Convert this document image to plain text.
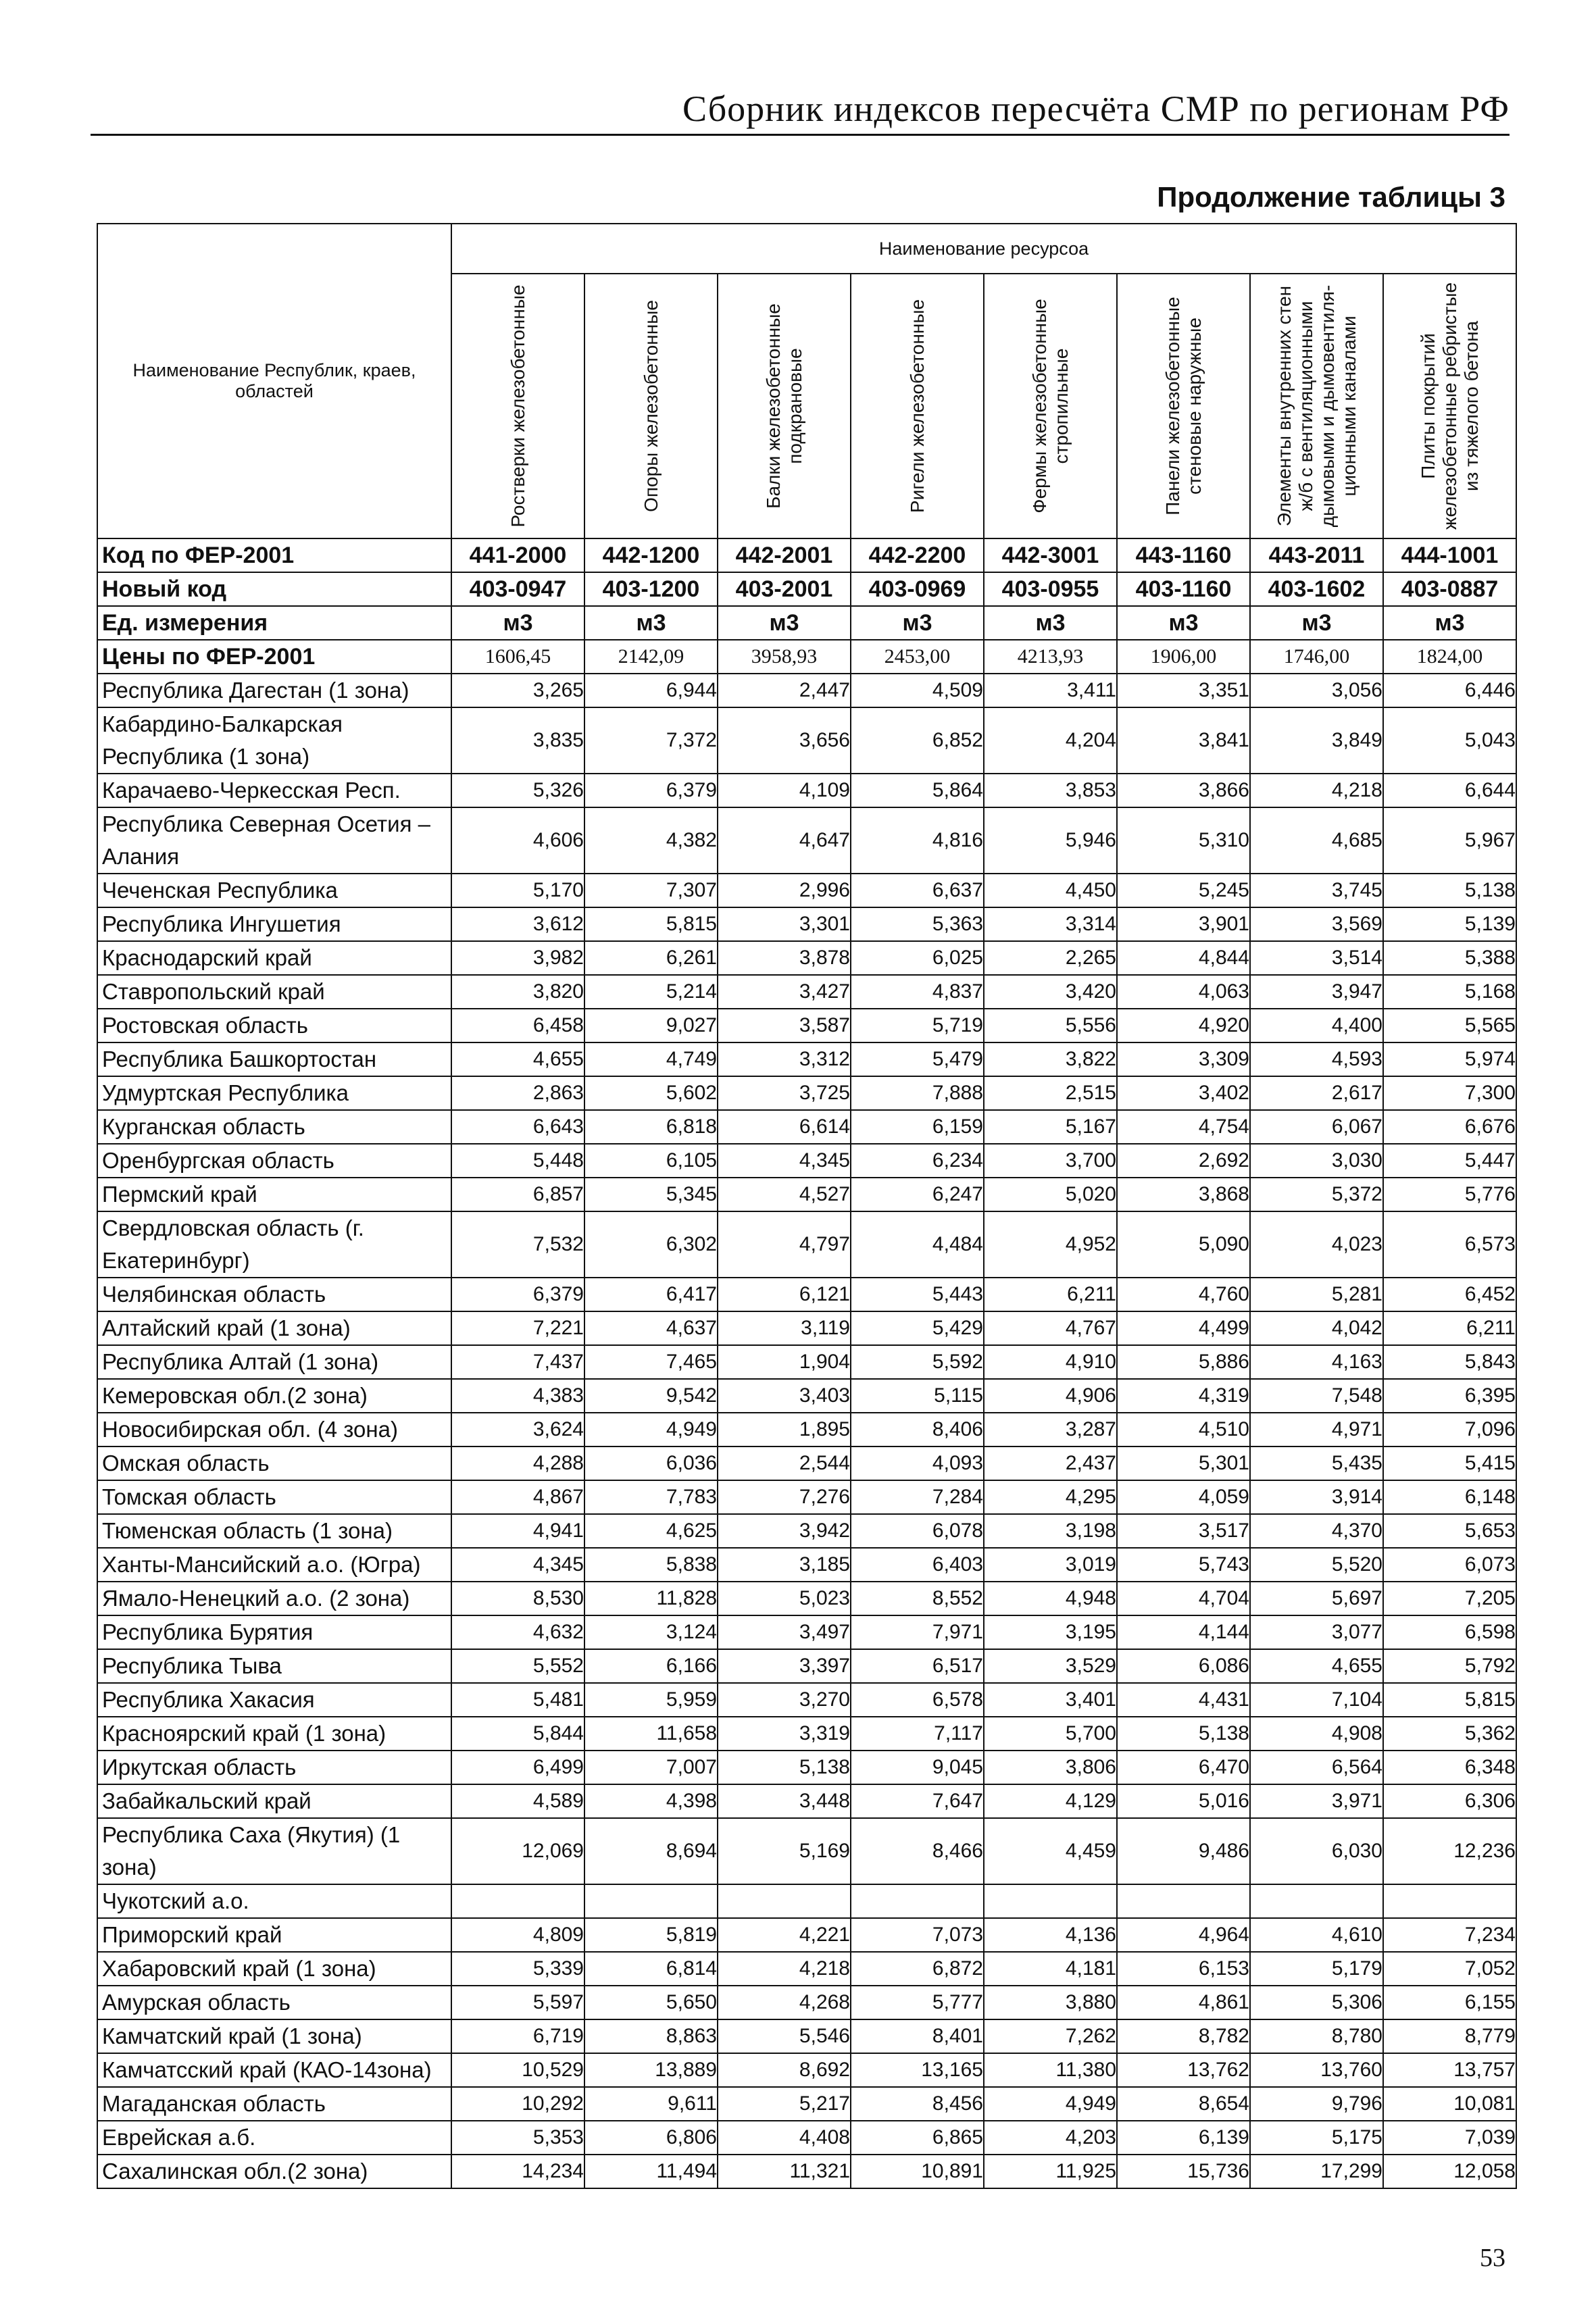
Сборник индексов пересчёта СМР по регионам РФ
Продолжение таблицы 3
Наименование Республик, краев, областей	Наименование ресурсоа							

	Ростверки железобетонные	Опоры железобетонные	Балки железобетонные подкрановые	Ригели железобетонные	Фермы железобетонные стропильные	Панели железобетонные стеновые наружные	Элементы внутренних стен ж/б с вентиляционными дымовыми и дымовентиля-ционными каналами	Плиты покрытий железобетонные ребристые из тяжелого бетона

Код по ФЕР-2001	441-2000	442-1200	442-2001	442-2200	442-3001	443-1160	443-2011	444-1001
Новый код	403-0947	403-1200	403-2001	403-0969	403-0955	403-1160	403-1602	403-0887
Ед. измерения	м3	м3	м3	м3	м3	м3	м3	м3
Цены по ФЕР-2001	1606,45	2142,09	3958,93	2453,00	4213,93	1906,00	1746,00	1824,00
Республика Дагестан (1 зона)	3,265	6,944	2,447	4,509	3,411	3,351	3,056	6,446
Кабардино-Балкарская Республика (1 зона)	3,835	7,372	3,656	6,852	4,204	3,841	3,849	5,043
Карачаево-Черкесская Респ.	5,326	6,379	4,109	5,864	3,853	3,866	4,218	6,644
Республика Северная Осетия – Алания	4,606	4,382	4,647	4,816	5,946	5,310	4,685	5,967
Чеченская Республика	5,170	7,307	2,996	6,637	4,450	5,245	3,745	5,138
Республика Ингушетия	3,612	5,815	3,301	5,363	3,314	3,901	3,569	5,139
Краснодарский край	3,982	6,261	3,878	6,025	2,265	4,844	3,514	5,388
Ставропольский край	3,820	5,214	3,427	4,837	3,420	4,063	3,947	5,168
Ростовская область	6,458	9,027	3,587	5,719	5,556	4,920	4,400	5,565
Республика Башкортостан	4,655	4,749	3,312	5,479	3,822	3,309	4,593	5,974
Удмуртская Республика	2,863	5,602	3,725	7,888	2,515	3,402	2,617	7,300
Курганская область	6,643	6,818	6,614	6,159	5,167	4,754	6,067	6,676
Оренбургская область	5,448	6,105	4,345	6,234	3,700	2,692	3,030	5,447
Пермский край	6,857	5,345	4,527	6,247	5,020	3,868	5,372	5,776
Свердловская область (г. Екатеринбург)	7,532	6,302	4,797	4,484	4,952	5,090	4,023	6,573
Челябинская область	6,379	6,417	6,121	5,443	6,211	4,760	5,281	6,452
Алтайский край (1 зона)	7,221	4,637	3,119	5,429	4,767	4,499	4,042	6,211
Республика Алтай (1 зона)	7,437	7,465	1,904	5,592	4,910	5,886	4,163	5,843
Кемеровская обл.(2 зона)	4,383	9,542	3,403	5,115	4,906	4,319	7,548	6,395
Новосибирская обл. (4 зона)	3,624	4,949	1,895	8,406	3,287	4,510	4,971	7,096
Омская область	4,288	6,036	2,544	4,093	2,437	5,301	5,435	5,415
Томская область	4,867	7,783	7,276	7,284	4,295	4,059	3,914	6,148
Тюменская область (1 зона)	4,941	4,625	3,942	6,078	3,198	3,517	4,370	5,653
Ханты-Мансийский а.о. (Югра)	4,345	5,838	3,185	6,403	3,019	5,743	5,520	6,073
Ямало-Ненецкий а.о. (2 зона)	8,530	11,828	5,023	8,552	4,948	4,704	5,697	7,205
Республика Бурятия	4,632	3,124	3,497	7,971	3,195	4,144	3,077	6,598
Республика Тыва	5,552	6,166	3,397	6,517	3,529	6,086	4,655	5,792
Республика Хакасия	5,481	5,959	3,270	6,578	3,401	4,431	7,104	5,815
Красноярский край (1 зона)	5,844	11,658	3,319	7,117	5,700	5,138	4,908	5,362
Иркутская область	6,499	7,007	5,138	9,045	3,806	6,470	6,564	6,348
Забайкальский край	4,589	4,398	3,448	7,647	4,129	5,016	3,971	6,306
Республика Саха (Якутия) (1 зона)	12,069	8,694	5,169	8,466	4,459	9,486	6,030	12,236
Чукотский а.о.								
Приморский край	4,809	5,819	4,221	7,073	4,136	4,964	4,610	7,234
Хабаровский край (1 зона)	5,339	6,814	4,218	6,872	4,181	6,153	5,179	7,052
Амурская область	5,597	5,650	4,268	5,777	3,880	4,861	5,306	6,155
Камчатский край (1 зона)	6,719	8,863	5,546	8,401	7,262	8,782	8,780	8,779
Камчатсский край (КАО-14зона)	10,529	13,889	8,692	13,165	11,380	13,762	13,760	13,757
Магаданская область	10,292	9,611	5,217	8,456	4,949	8,654	9,796	10,081
Еврейская а.б.	5,353	6,806	4,408	6,865	4,203	6,139	5,175	7,039
Сахалинская обл.(2 зона)	14,234	11,494	11,321	10,891	11,925	15,736	17,299	12,058
53
